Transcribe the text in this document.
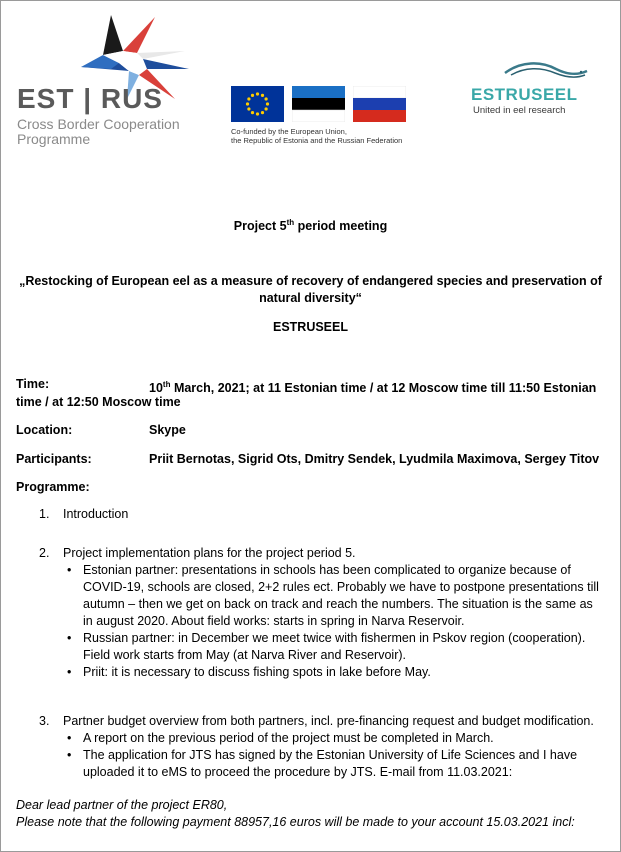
EST | RUS
Cross Border Cooperation
Programme	Co-funded by the European Union,
the Republic of Estonia and the Russian Federation
ESTRUSEEL
United in eel research
Project 5th period meeting
„Restocking of European eel as a measure of recovery of endangered species and preservation of
natural diversity“
ESTRUSEEL
Time:	10th March, 2021; at 11 Estonian time / at 12 Moscow time till 11:50 Estonian
time / at 12:50 Moscow time
Location:	Skype
Participants:	Priit Bernotas, Sigrid Ots, Dmitry Sendek, Lyudmila Maximova, Sergey Titov
Programme:
1. Introduction
2. Project implementation plans for the project period 5.
• Estonian partner: presentations in schools has been complicated to organize because of
COVID-19, schools are closed, 2+2 rules ect. Probably we have to postpone presentations till
autumn – then we get on back on track and reach the numbers. The situation is the same as
in august 2020. About field works: starts in spring in Narva Reservoir.
• Russian partner: in December we meet twice with fishermen in Pskov region (cooperation).
Field work starts from May (at Narva River and Reservoir).
• Priit: it is necessary to discuss fishing spots in lake before May.
3. Partner budget overview from both partners, incl. pre-financing request and budget modification.
• A report on the previous period of the project must be completed in March.
• The application for JTS has signed by the Estonian University of Life Sciences and I have
uploaded it to eMS to proceed the procedure by JTS. E-mail from 11.03.2021:
Dear lead partner of the project ER80,
Please note that the following payment 88957,16 euros will be made to your account 15.03.2021 incl:
